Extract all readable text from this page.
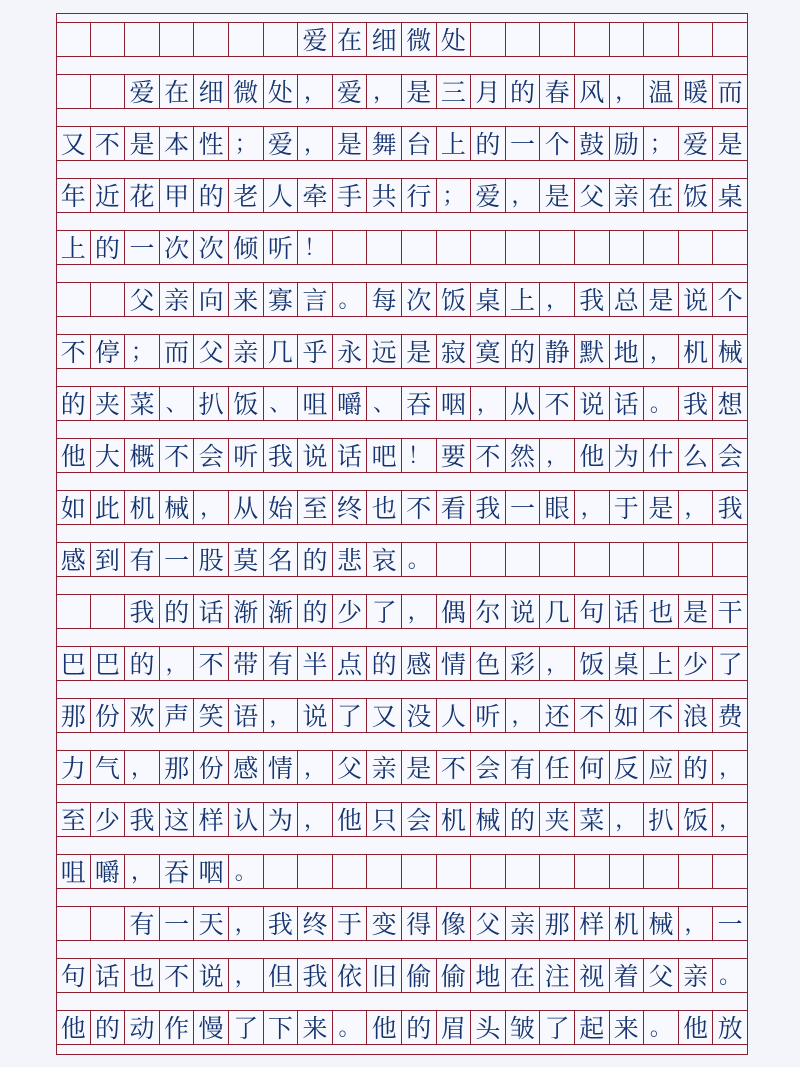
爱 在 细 微 处
爱 在 细 微 处 ， 爱 ， 是 三 月 的 春 风 ， 温 暖 而
又 不 是 本 性 ； 爱 ， 是 舞 台 上 的 一 个 鼓 励 ； 爱 是
年 近 花 甲 的 老 人 牵 手 共 行 ； 爱 ， 是 父 亲 在 饭 桌
上 的 一 次 次 倾 听 ！
父 亲 向 来 寡 言 。 每 次 饭 桌 上 ， 我 总 是 说 个
不 停 ； 而 父 亲 几 乎 永 远 是 寂 寞 的 静 默 地 ， 机 械
的 夹 菜 、 扒 饭 、 咀 嚼 、 吞 咽 ， 从 不 说 话 。 我 想
他 大 概 不 会 听 我 说 话 吧 ！ 要 不 然 ， 他 为 什 么 会
如 此 机 械 ， 从 始 至 终 也 不 看 我 一 眼 ， 于 是 ， 我
感 到 有 一 股 莫 名 的 悲 哀 。
我 的 话 渐 渐 的 少 了 ， 偶 尔 说 几 句 话 也 是 干
巴 巴 的 ， 不 带 有 半 点 的 感 情 色 彩 ， 饭 桌 上 少 了
那 份 欢 声 笑 语 ， 说 了 又 没 人 听 ， 还 不 如 不 浪 费
力 气 ， 那 份 感 情 ， 父 亲 是 不 会 有 任 何 反 应 的 ，
至 少 我 这 样 认 为 ， 他 只 会 机 械 的 夹 菜 ， 扒 饭 ，
咀 嚼 ， 吞 咽 。
有 一 天 ， 我 终 于 变 得 像 父 亲 那 样 机 械 ， 一
句 话 也 不 说 ， 但 我 依 旧 偷 偷 地 在 注 视 着 父 亲 。
他 的 动 作 慢 了 下 来 。 他 的 眉 头 皱 了 起 来 。 他 放
